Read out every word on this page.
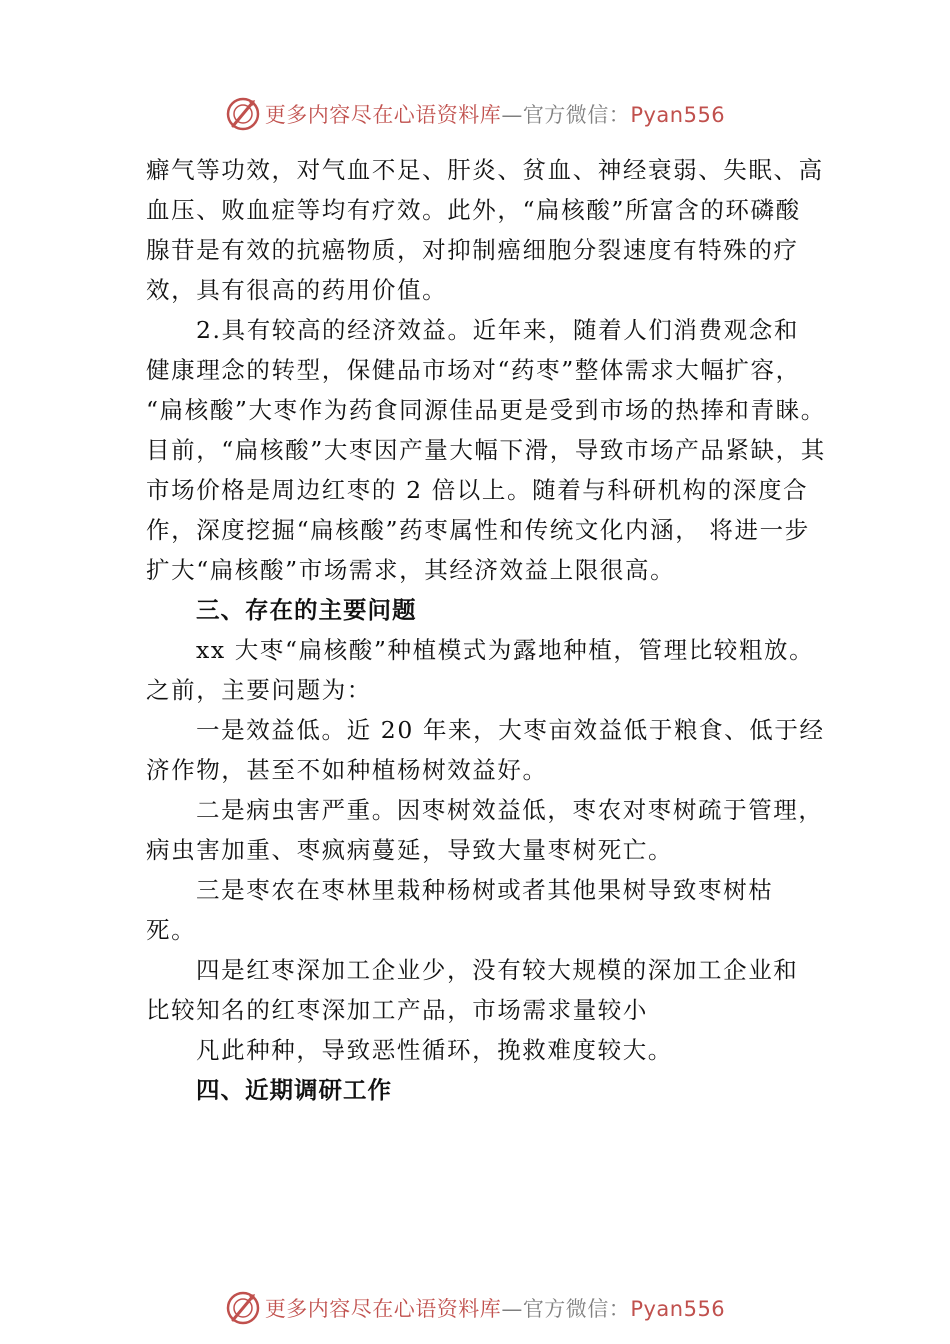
更多内容尽在心语资料库—官方微信：Pyan556
癖气等功效，对气血不足、肝炎、贫血、神经衰弱、失眠、高
血压、败血症等均有疗效。此外，“扁核酸”所富含的环磷酸
腺苷是有效的抗癌物质，对抑制癌细胞分裂速度有特殊的疗
效，具有很高的药用价值。
2.具有较高的经济效益。近年来，随着人们消费观念和
健康理念的转型，保健品市场对“药枣”整体需求大幅扩容，
“扁核酸”大枣作为药食同源佳品更是受到市场的热捧和青睐。
目前，“扁核酸”大枣因产量大幅下滑，导致市场产品紧缺，其
市场价格是周边红枣的 2 倍以上。随着与科研机构的深度合
作，深度挖掘“扁核酸”药枣属性和传统文化内涵， 将进一步
扩大“扁核酸”市场需求，其经济效益上限很高。
三、存在的主要问题
xx 大枣“扁核酸”种植模式为露地种植，管理比较粗放。
之前，主要问题为：
一是效益低。近 20 年来，大枣亩效益低于粮食、低于经
济作物，甚至不如种植杨树效益好。
二是病虫害严重。因枣树效益低，枣农对枣树疏于管理，
病虫害加重、枣疯病蔓延，导致大量枣树死亡。
三是枣农在枣林里栽种杨树或者其他果树导致枣树枯
死。
四是红枣深加工企业少，没有较大规模的深加工企业和
比较知名的红枣深加工产品，市场需求量较小
凡此种种，导致恶性循环，挽救难度较大。
四、近期调研工作
更多内容尽在心语资料库—官方微信：Pyan556
